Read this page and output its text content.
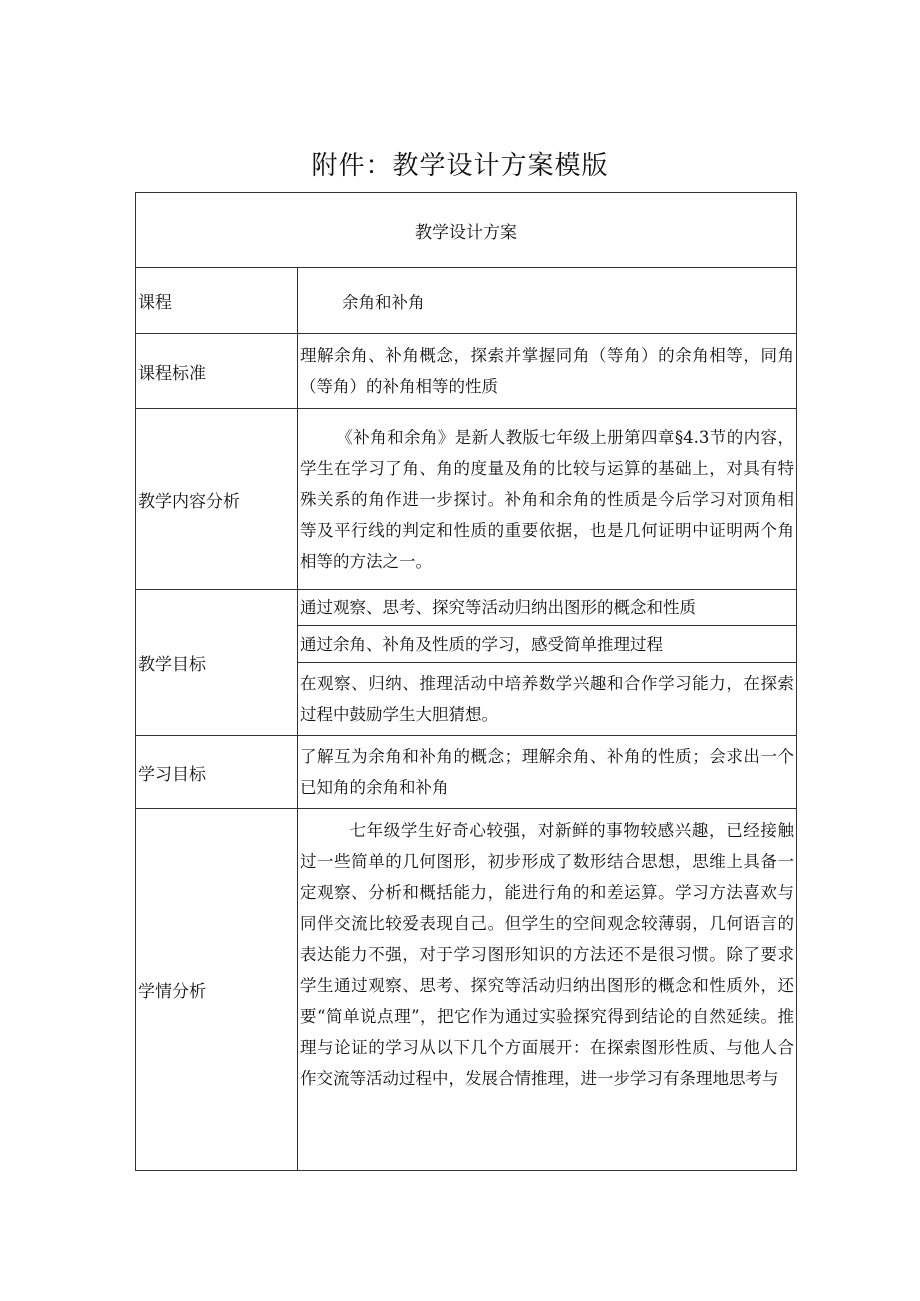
附件：教学设计方案模版
教学设计方案	
课程	余角和补角
课程标准	理解余角、补角概念，探索并掌握同角（等角）的余角相等，同角（等角）的补角相等的性质
教学内容分析	《补角和余角》是新人教版七年级上册第四章§4.3节的内容，学生在学习了角、角的度量及角的比较与运算的基础上，对具有特殊关系的角作进一步探讨。补角和余角的性质是今后学习对顶角相等及平行线的判定和性质的重要依据，也是几何证明中证明两个角相等的方法之一。
教学目标	通过观察、思考、探究等活动归纳出图形的概念和性质
	通过余角、补角及性质的学习，感受简单推理过程
	在观察、归纳、推理活动中培养数学兴趣和合作学习能力，在探索过程中鼓励学生大胆猜想。
学习目标	了解互为余角和补角的概念；理解余角、补角的性质；会求出一个已知角的余角和补角
学情分析	七年级学生好奇心较强，对新鲜的事物较感兴趣，已经接触过一些简单的几何图形，初步形成了数形结合思想，思维上具备一定观察、分析和概括能力，能进行角的和差运算。学习方法喜欢与同伴交流比较爱表现自己。但学生的空间观念较薄弱，几何语言的表达能力不强，对于学习图形知识的方法还不是很习惯。除了要求学生通过观察、思考、探究等活动归纳出图形的概念和性质外，还要“简单说点理”，把它作为通过实验探究得到结论的自然延续。推理与论证的学习从以下几个方面展开：在探索图形性质、与他人合作交流等活动过程中，发展合情推理，进一步学习有条理地思考与
